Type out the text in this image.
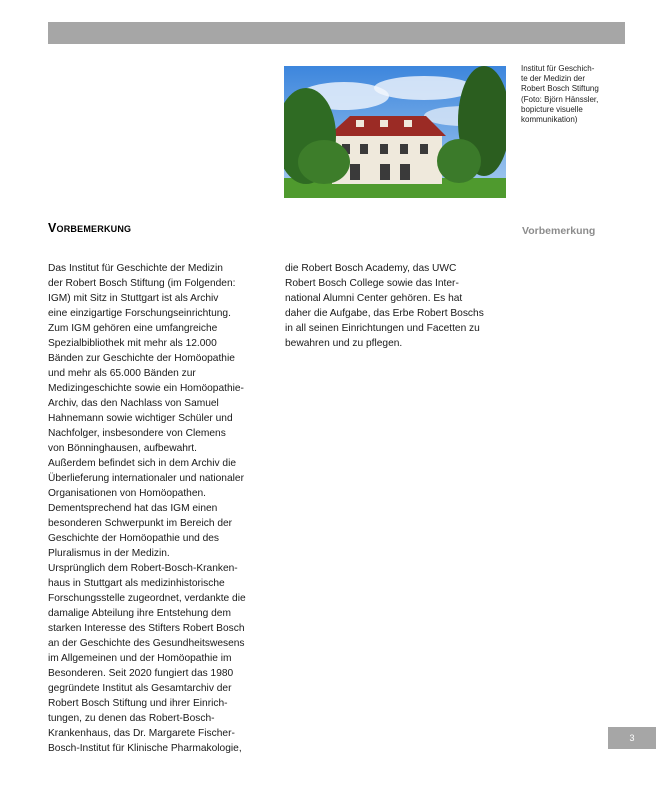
Institut für Geschich-
te der Medizin der
Robert Bosch Stiftung
(Foto: Björn Hänssler,
bopicture visuelle
kommunikation)
Vorbemerkung	Vorbemerkung
Das Institut für Geschichte der Medizin
der Robert Bosch Stiftung (im Folgenden:
IGM) mit Sitz in Stuttgart ist als Archiv
eine einzigartige Forschungseinrichtung.
Zum IGM gehören eine umfangreiche
Spezialbibliothek mit mehr als 12.000
Bänden zur Geschichte der Homöopathie
und mehr als 65.000 Bänden zur
Medizingeschichte sowie ein Homöopathie-
Archiv, das den Nachlass von Samuel
Hahnemann sowie wichtiger Schüler und
Nachfolger, insbesondere von Clemens
von Bönninghausen, aufbewahrt.
Außerdem befindet sich in dem Archiv die
Überlieferung internationaler und nationaler
Organisationen von Homöopathen.
Dementsprechend hat das IGM einen
besonderen Schwerpunkt im Bereich der
Geschichte der Homöopathie und des
Pluralismus in der Medizin.
Ursprünglich dem Robert-Bosch-Kranken-
haus in Stuttgart als medizinhistorische
Forschungsstelle zugeordnet, verdankte die
damalige Abteilung ihre Entstehung dem
starken Interesse des Stifters Robert Bosch
an der Geschichte des Gesundheitswesens
im Allgemeinen und der Homöopathie im
Besonderen. Seit 2020 fungiert das 1980
gegründete Institut als Gesamtarchiv der
Robert Bosch Stiftung und ihrer Einrich-
tungen, zu denen das Robert-Bosch-
Krankenhaus, das Dr. Margarete Fischer-
Bosch-Institut für Klinische Pharmakologie,
die Robert Bosch Academy, das UWC
Robert Bosch College sowie das Inter-
national Alumni Center gehören. Es hat
daher die Aufgabe, das Erbe Robert Boschs
in all seinen Einrichtungen und Facetten zu
bewahren und zu pflegen.
3
